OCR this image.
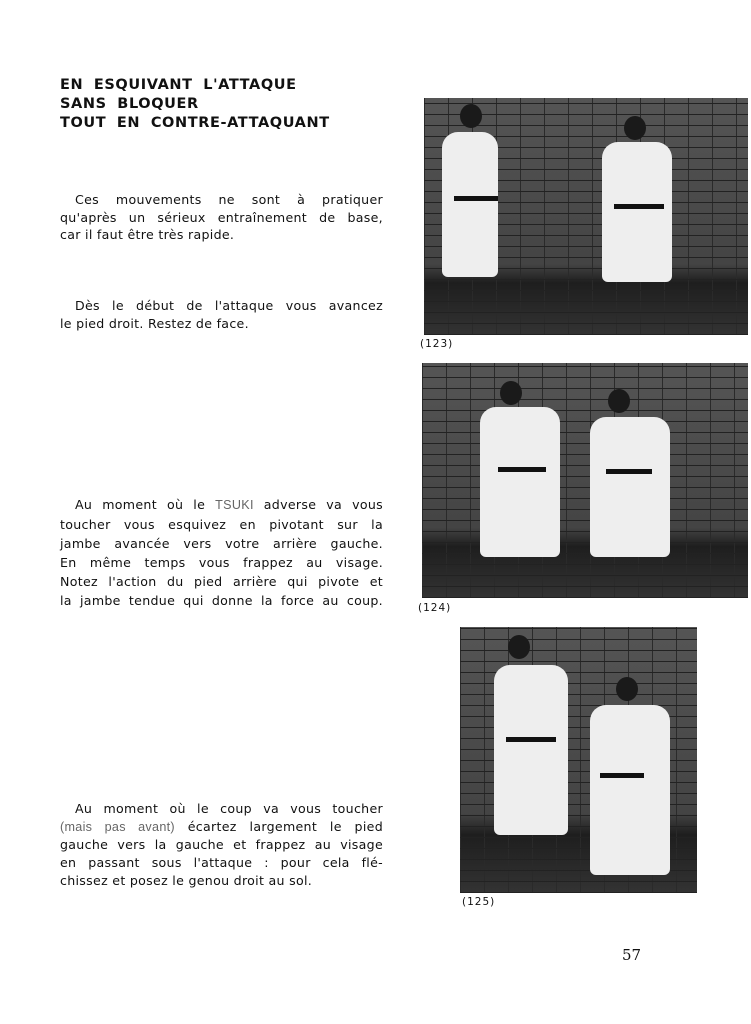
EN ESQUIVANT L'ATTAQUE
SANS BLOQUER
TOUT EN CONTRE-ATTAQUANT
Ces mouvements ne sont à pratiquer
qu'après un sérieux entraînement de base,
car il faut être très rapide.
Dès le début de l'attaque vous avancez
le pied droit. Restez de face.
Au moment où le TSUKI adverse va vous
toucher vous esquivez en pivotant sur la
jambe avancée vers votre arrière gauche.
En même temps vous frappez au visage.
Notez l'action du pied arrière qui pivote et
la jambe tendue qui donne la force au coup.
Au moment où le coup va vous toucher
(mais pas avant) écartez largement le pied
gauche vers la gauche et frappez au visage
en passant sous l'attaque : pour cela flé-
chissez et posez le genou droit au sol.
(123)
(124)
(125)
57
